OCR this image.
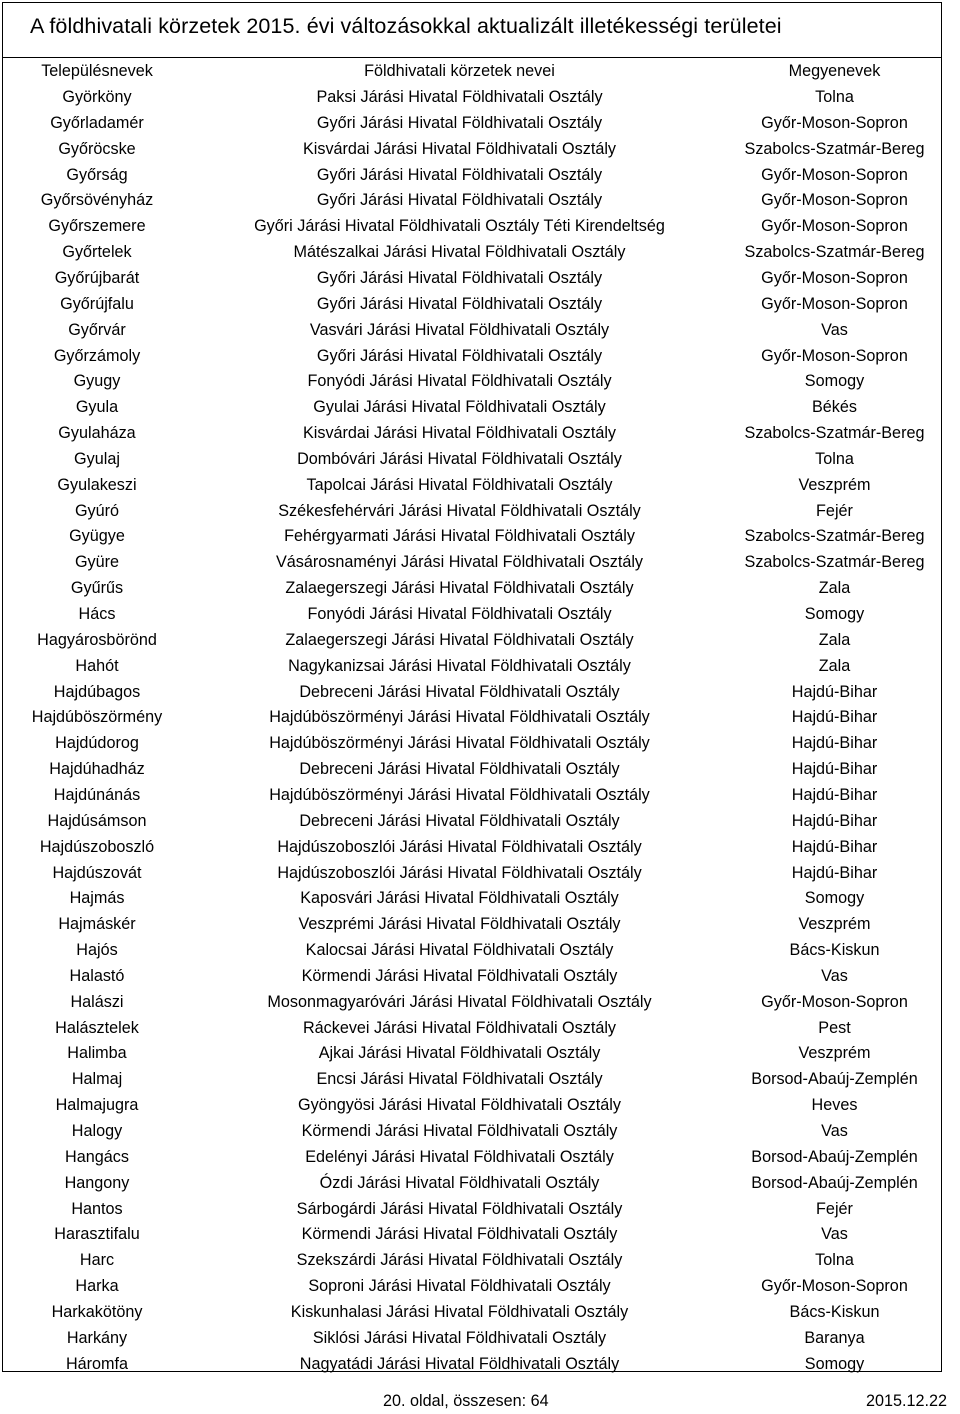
A földhivatali körzetek 2015. évi változásokkal aktualizált illetékességi területei
Településnevek	Földhivatali körzetek nevei	Megyenevek
Györköny	Paksi Járási Hivatal Földhivatali Osztály	Tolna
Győrladamér	Győri Járási Hivatal Földhivatali Osztály	Győr-Moson-Sopron
Győröcske	Kisvárdai Járási Hivatal Földhivatali Osztály	Szabolcs-Szatmár-Bereg
Győrság	Győri Járási Hivatal Földhivatali Osztály	Győr-Moson-Sopron
Győrsövényház	Győri Járási Hivatal Földhivatali Osztály	Győr-Moson-Sopron
Győrszemere	Győri Járási Hivatal Földhivatali Osztály Téti Kirendeltség	Győr-Moson-Sopron
Győrtelek	Mátészalkai Járási Hivatal Földhivatali Osztály	Szabolcs-Szatmár-Bereg
Győrújbarát	Győri Járási Hivatal Földhivatali Osztály	Győr-Moson-Sopron
Győrújfalu	Győri Járási Hivatal Földhivatali Osztály	Győr-Moson-Sopron
Győrvár	Vasvári Járási Hivatal Földhivatali Osztály	Vas
Győrzámoly	Győri Járási Hivatal Földhivatali Osztály	Győr-Moson-Sopron
Gyugy	Fonyódi Járási Hivatal Földhivatali Osztály	Somogy
Gyula	Gyulai Járási Hivatal Földhivatali Osztály	Békés
Gyulaháza	Kisvárdai Járási Hivatal Földhivatali Osztály	Szabolcs-Szatmár-Bereg
Gyulaj	Dombóvári Járási Hivatal Földhivatali Osztály	Tolna
Gyulakeszi	Tapolcai Járási Hivatal Földhivatali Osztály	Veszprém
Gyúró	Székesfehérvári Járási Hivatal Földhivatali Osztály	Fejér
Gyügye	Fehérgyarmati Járási Hivatal Földhivatali Osztály	Szabolcs-Szatmár-Bereg
Gyüre	Vásárosnaményi Járási Hivatal Földhivatali Osztály	Szabolcs-Szatmár-Bereg
Gyűrűs	Zalaegerszegi Járási Hivatal Földhivatali Osztály	Zala
Hács	Fonyódi Járási Hivatal Földhivatali Osztály	Somogy
Hagyárosbörönd	Zalaegerszegi Járási Hivatal Földhivatali Osztály	Zala
Hahót	Nagykanizsai Járási Hivatal Földhivatali Osztály	Zala
Hajdúbagos	Debreceni Járási Hivatal Földhivatali Osztály	Hajdú-Bihar
Hajdúböszörmény	Hajdúböszörményi Járási Hivatal Földhivatali Osztály	Hajdú-Bihar
Hajdúdorog	Hajdúböszörményi Járási Hivatal Földhivatali Osztály	Hajdú-Bihar
Hajdúhadház	Debreceni Járási Hivatal Földhivatali Osztály	Hajdú-Bihar
Hajdúnánás	Hajdúböszörményi Járási Hivatal Földhivatali Osztály	Hajdú-Bihar
Hajdúsámson	Debreceni Járási Hivatal Földhivatali Osztály	Hajdú-Bihar
Hajdúszoboszló	Hajdúszoboszlói Járási Hivatal Földhivatali Osztály	Hajdú-Bihar
Hajdúszovát	Hajdúszoboszlói Járási Hivatal Földhivatali Osztály	Hajdú-Bihar
Hajmás	Kaposvári Járási Hivatal Földhivatali Osztály	Somogy
Hajmáskér	Veszprémi Járási Hivatal Földhivatali Osztály	Veszprém
Hajós	Kalocsai Járási Hivatal Földhivatali Osztály	Bács-Kiskun
Halastó	Körmendi Járási Hivatal Földhivatali Osztály	Vas
Halászi	Mosonmagyaróvári Járási Hivatal Földhivatali Osztály	Győr-Moson-Sopron
Halásztelek	Ráckevei Járási Hivatal Földhivatali Osztály	Pest
Halimba	Ajkai Járási Hivatal Földhivatali Osztály	Veszprém
Halmaj	Encsi Járási Hivatal Földhivatali Osztály	Borsod-Abaúj-Zemplén
Halmajugra	Gyöngyösi Járási Hivatal Földhivatali Osztály	Heves
Halogy	Körmendi Járási Hivatal Földhivatali Osztály	Vas
Hangács	Edelényi Járási Hivatal Földhivatali Osztály	Borsod-Abaúj-Zemplén
Hangony	Ózdi Járási Hivatal Földhivatali Osztály	Borsod-Abaúj-Zemplén
Hantos	Sárbogárdi Járási Hivatal Földhivatali Osztály	Fejér
Harasztifalu	Körmendi Járási Hivatal Földhivatali Osztály	Vas
Harc	Szekszárdi Járási Hivatal Földhivatali Osztály	Tolna
Harka	Soproni Járási Hivatal Földhivatali Osztály	Győr-Moson-Sopron
Harkakötöny	Kiskunhalasi Járási Hivatal Földhivatali Osztály	Bács-Kiskun
Harkány	Siklósi Járási Hivatal Földhivatali Osztály	Baranya
Háromfa	Nagyatádi Járási Hivatal Földhivatali Osztály	Somogy
20. oldal, összesen: 64	2015.12.22
